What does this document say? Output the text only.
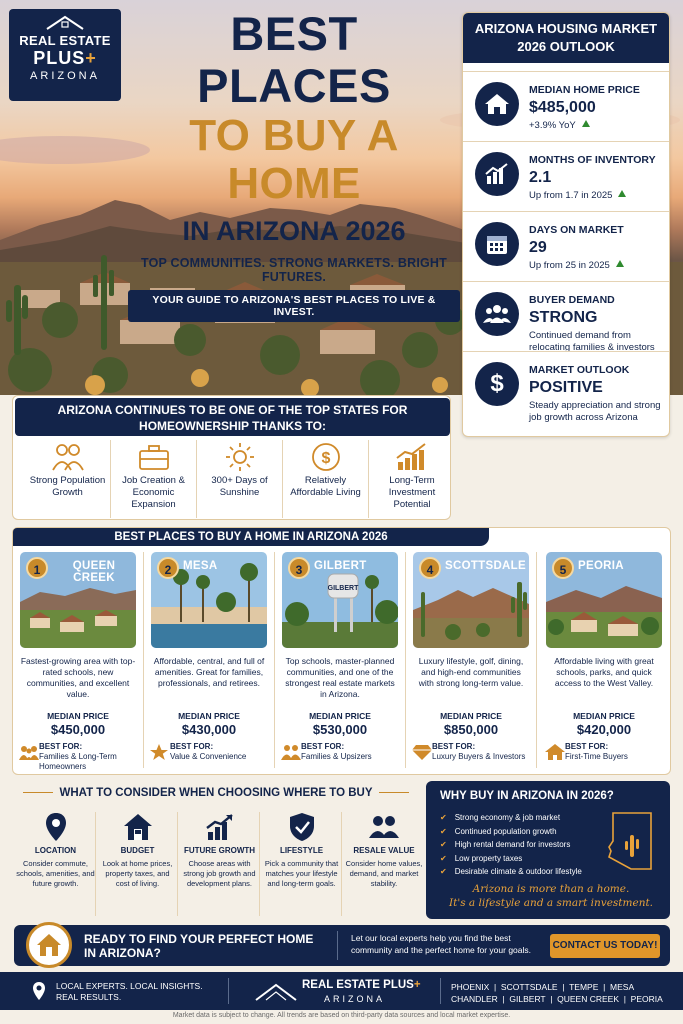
REAL ESTATE
PLUS+
ARIZONA
BEST PLACES
TO BUY A HOME
IN ARIZONA 2026
TOP COMMUNITIES. STRONG MARKETS. BRIGHT FUTURES.
YOUR GUIDE TO ARIZONA'S BEST PLACES TO LIVE & INVEST.
ARIZONA HOUSING MARKET 2026 OUTLOOK
MEDIAN HOME PRICE
$485,000
+3.9% YoY
MONTHS OF INVENTORY
2.1
Up from 1.7 in 2025
DAYS ON MARKET
29
Up from 25 in 2025
BUYER DEMAND
STRONG
Continued demand from relocating families & investors
$ MARKET OUTLOOK
POSITIVE
Steady appreciation and strong job growth across Arizona
ARIZONA CONTINUES TO BE ONE OF THE TOP STATES FOR HOMEOWNERSHIP THANKS TO:
Strong Population Growth
Job Creation & Economic Expansion
300+ Days of Sunshine
$
Relatively Affordable Living
Long-Term Investment Potential
BEST PLACES TO BUY A HOME IN ARIZONA 2026
1	QUEEN CREEK
Fastest-growing area with top-rated schools, new communities, and excellent value.
MEDIAN PRICE
$450,000
BEST FOR:
Families & Long-Term Homeowners
2	MESA
Affordable, central, and full of amenities. Great for families, professionals, and retirees.
MEDIAN PRICE
$430,000
BEST FOR:
Value & Convenience
GILBERT
3	GILBERT
Top schools, master-planned communities, and one of the strongest real estate markets in Arizona.
MEDIAN PRICE
$530,000
BEST FOR:
Families & Upsizers
4	SCOTTSDALE
Luxury lifestyle, golf, dining, and high-end communities with strong long-term value.
MEDIAN PRICE
$850,000
BEST FOR:
Luxury Buyers & Investors
5	PEORIA
Affordable living with great schools, parks, and quick access to the West Valley.
MEDIAN PRICE
$420,000
BEST FOR:
First-Time Buyers
WHAT TO CONSIDER WHEN CHOOSING WHERE TO BUY
LOCATION
Consider commute, schools, amenities, and future growth.
BUDGET
Look at home prices, property taxes, and cost of living.
FUTURE GROWTH
Choose areas with strong job growth and development plans.
LIFESTYLE
Pick a community that matches your lifestyle and long-term goals.
RESALE VALUE
Consider home values, demand, and market stability.
WHY BUY IN ARIZONA IN 2026?
✔ Strong economy & job market
✔ Continued population growth
✔ High rental demand for investors
✔ Low property taxes
✔ Desirable climate & outdoor lifestyle
Arizona is more than a home.
It's a lifestyle and a smart investment.
READY TO FIND YOUR PERFECT HOME IN ARIZONA?
Let our local experts help you find the best community and the perfect home for your goals.	CONTACT US TODAY!
LOCAL EXPERTS. LOCAL INSIGHTS. REAL RESULTS.
REAL ESTATE PLUS+
ARIZONA
PHOENIX  |  SCOTTSDALE  |  TEMPE  |  MESA
CHANDLER  |  GILBERT  |  QUEEN CREEK  |  PEORIA
Market data is subject to change. All trends are based on third-party data sources and local market expertise.
